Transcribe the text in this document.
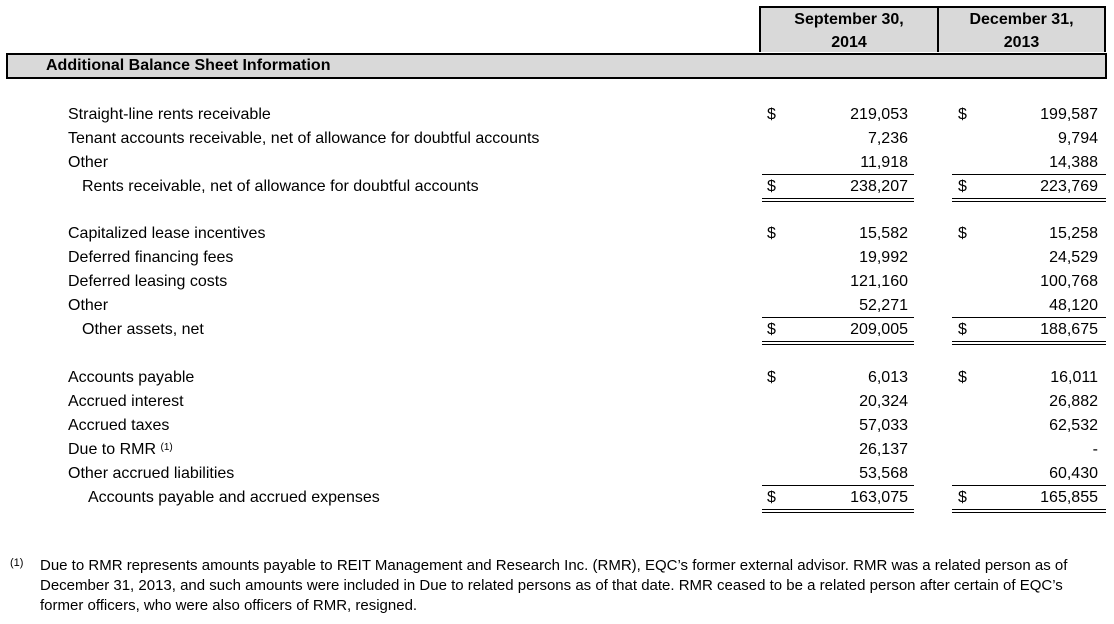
September 30,
2014
December 31,
2013
Additional Balance Sheet Information
Straight-line rents receivable	$	219,053	$	199,587
Tenant accounts receivable, net of allowance for doubtful accounts	7,236	9,794
Other	11,918	14,388
Rents receivable, net of allowance for doubtful accounts	$	238,207	$	223,769
Capitalized lease incentives	$	15,582	$	15,258
Deferred financing fees	19,992	24,529
Deferred leasing costs	121,160	100,768
Other	52,271	48,120
Other assets, net	$	209,005	$	188,675
Accounts payable	$	6,013	$	16,011
Accrued interest	20,324	26,882
Accrued taxes	57,033	62,532
Due to RMR $^{(1)}$	26,137	-
Other accrued liabilities	53,568	60,430
Accounts payable and accrued expenses	$	163,075	$	165,855
(1) Due to RMR represents amounts payable to REIT Management and Research Inc. (RMR), EQC’s former external advisor. RMR was a related person as of December 31, 2013, and such amounts were included in Due to related persons as of that date. RMR ceased to be a related person after certain of EQC’s former officers, who were also officers of RMR, resigned.
